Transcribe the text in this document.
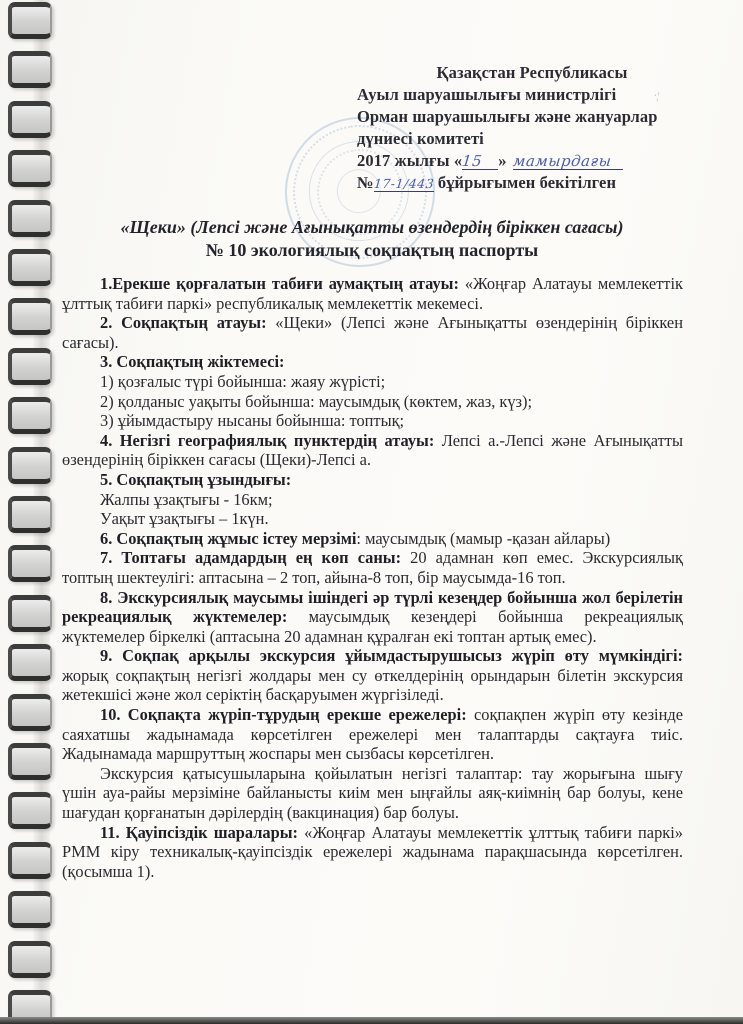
·¦
Қазақстан Республикасы
Ауыл шаруашылығы министрлігі
Орман шаруашылығы және жануарлар
дүниесі комитеті
2017 жылғы «15 » мамырдағы
№17-1/443 бұйрығымен бекітілген
«Щеки» (Лепсі және Ағынықатты өзендердің біріккен сағасы)
№ 10 экологиялық соқпақтың паспорты

1.Ерекше қорғалатын табиғи аумақтың атауы: «Жоңғар Алатауы мемлекеттік ұлттық табиғи паркі» республикалық мемлекеттік мекемесі.

2. Соқпақтың атауы: «Щеки» (Лепсі және Ағынықатты өзендерінің біріккен сағасы).

3. Соқпақтың жіктемесі:

1) қозғалыс түрі бойынша: жаяу жүрісті;
2) қолданыс уақыты бойынша: маусымдық (көктем, жаз, күз);
3) ұйымдастыру нысаны бойынша: топтық;

4. Негізгі географиялық пунктердің атауы: Лепсі а.-Лепсі және Ағынықатты өзендерінің біріккен сағасы (Щеки)-Лепсі а.

5. Соқпақтың ұзындығы:

Жалпы ұзақтығы - 16км;
Уақыт ұзақтығы – 1күн.

6. Соқпақтың жұмыс істеу мерзімі: маусымдық (мамыр -қазан айлары)

7. Топтағы адамдардың ең көп саны: 20 адамнан көп емес. Экскурсиялық топтың шектеулігі: аптасына – 2 топ, айына-8 топ, бір маусымда-16 топ.

8. Экскурсиялық маусымы ішіндегі әр түрлі кезеңдер бойынша жол берілетін рекреациялық жүктемелер: маусымдық кезеңдері бойынша рекреациялық жүктемелер біркелкі (аптасына 20 адамнан құралған екі топтан артық емес).

9. Соқпақ арқылы экскурсия ұйымдастырушысыз жүріп өту мүмкіндігі: жорық соқпақтың негізгі жолдары мен су өткелдерінің орындарын білетін экскурсия жетекшісі және жол серіктің басқаруымен жүргізіледі.

10. Соқпақта жүріп-тұрудың ерекше ережелері: соқпақпен жүріп өту кезінде саяхатшы жадынамада көрсетілген ережелері мен талаптарды сақтауға тиіс. Жадынамада маршруттың жоспары мен сызбасы көрсетілген.

Экскурсия қатысушыларына қойылатын негізгі талаптар: тау жорығына шығу үшін ауа-райы мерзіміне байланысты киім мен ыңғайлы аяқ-киімнің бар болуы, кене шағудан қорғанатын дәрілердің (вакцинация) бар болуы.

11. Қауіпсіздік шаралары: «Жоңғар Алатауы мемлекеттік ұлттық табиғи паркі» РММ кіру техникалық-қауіпсіздік ережелері жадынама парақшасында көрсетілген. (қосымша 1).
